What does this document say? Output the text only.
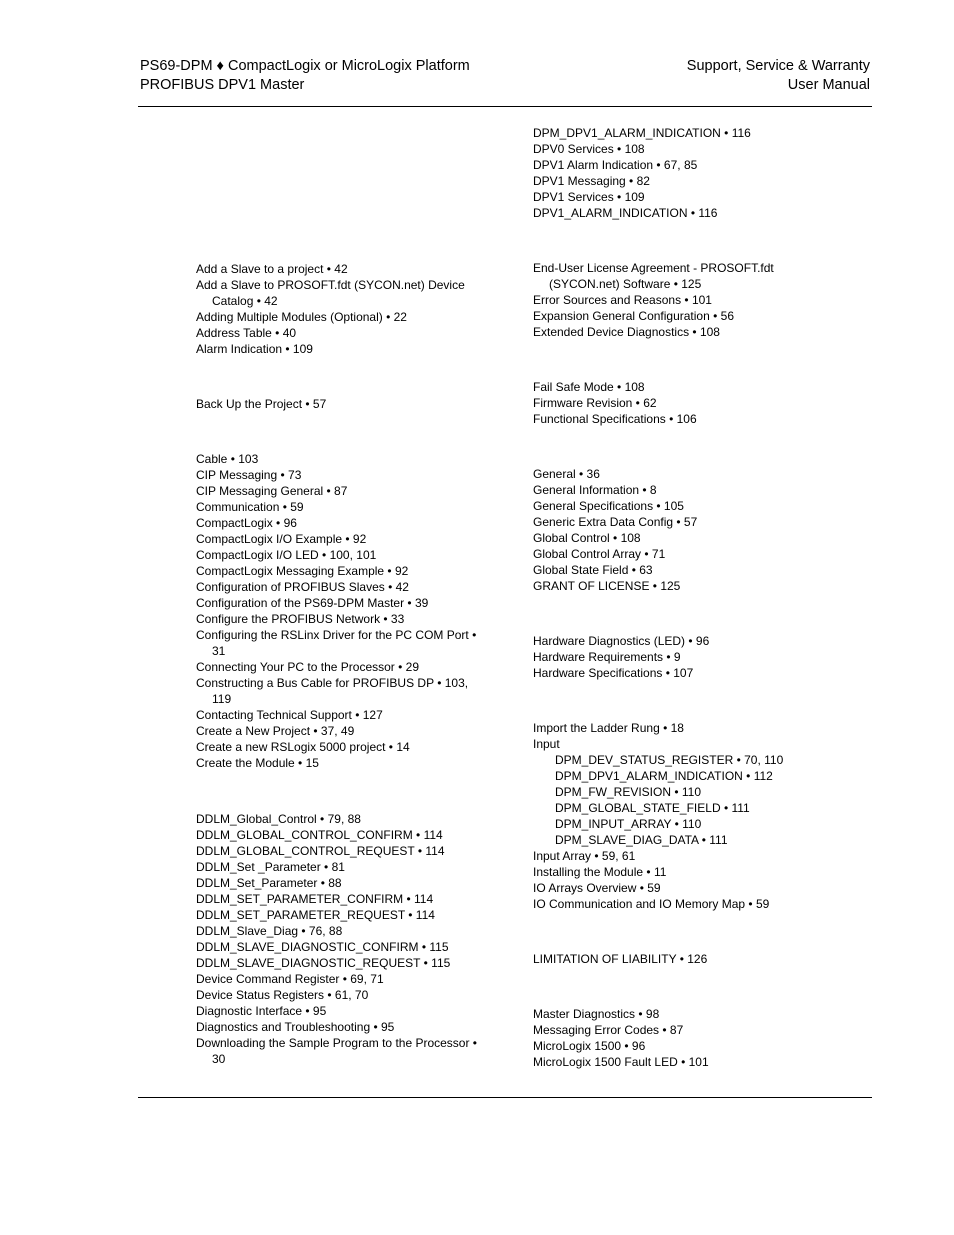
PS69-DPM ♦ CompactLogix or MicroLogix Platform
PROFIBUS DPV1 Master
Support, Service & Warranty
User Manual
Add a Slave to a project • 42
Add a Slave to PROSOFT.fdt (SYCON.net) Device Catalog • 42
Adding Multiple Modules (Optional) • 22
Address Table • 40
Alarm Indication • 109
Back Up the Project • 57
Cable • 103
CIP Messaging • 73
CIP Messaging General • 87
Communication • 59
CompactLogix • 96
CompactLogix I/O Example • 92
CompactLogix I/O LED • 100, 101
CompactLogix Messaging Example • 92
Configuration of PROFIBUS Slaves • 42
Configuration of the PS69-DPM Master • 39
Configure the PROFIBUS Network • 33
Configuring the RSLinx Driver for the PC COM Port • 31
Connecting Your PC to the Processor • 29
Constructing a Bus Cable for PROFIBUS DP • 103, 119
Contacting Technical Support • 127
Create a New Project • 37, 49
Create a new RSLogix 5000 project • 14
Create the Module • 15
DDLM_Global_Control • 79, 88
DDLM_GLOBAL_CONTROL_CONFIRM • 114
DDLM_GLOBAL_CONTROL_REQUEST • 114
DDLM_Set _Parameter • 81
DDLM_Set_Parameter • 88
DDLM_SET_PARAMETER_CONFIRM • 114
DDLM_SET_PARAMETER_REQUEST • 114
DDLM_Slave_Diag • 76, 88
DDLM_SLAVE_DIAGNOSTIC_CONFIRM • 115
DDLM_SLAVE_DIAGNOSTIC_REQUEST • 115
Device Command Register • 69, 71
Device Status Registers • 61, 70
Diagnostic Interface • 95
Diagnostics and Troubleshooting • 95
Downloading the Sample Program to the Processor • 30
DPM_DPV1_ALARM_INDICATION • 116
DPV0 Services • 108
DPV1 Alarm Indication • 67, 85
DPV1 Messaging • 82
DPV1 Services • 109
DPV1_ALARM_INDICATION • 116
End-User License Agreement - PROSOFT.fdt (SYCON.net) Software • 125
Error Sources and Reasons • 101
Expansion General Configuration • 56
Extended Device Diagnostics • 108
Fail Safe Mode • 108
Firmware Revision • 62
Functional Specifications • 106
General • 36
General Information • 8
General Specifications • 105
Generic Extra Data Config • 57
Global Control • 108
Global Control Array • 71
Global State Field • 63
GRANT OF LICENSE • 125
Hardware Diagnostics (LED) • 96
Hardware Requirements • 9
Hardware Specifications • 107
Import the Ladder Rung • 18
Input
DPM_DEV_STATUS_REGISTER • 70, 110
DPM_DPV1_ALARM_INDICATION • 112
DPM_FW_REVISION • 110
DPM_GLOBAL_STATE_FIELD • 111
DPM_INPUT_ARRAY • 110
DPM_SLAVE_DIAG_DATA • 111
Input Array • 59, 61
Installing the Module • 11
IO Arrays Overview • 59
IO Communication and IO Memory Map • 59
LIMITATION OF LIABILITY • 126
Master Diagnostics • 98
Messaging Error Codes • 87
MicroLogix 1500 • 96
MicroLogix 1500 Fault LED • 101
